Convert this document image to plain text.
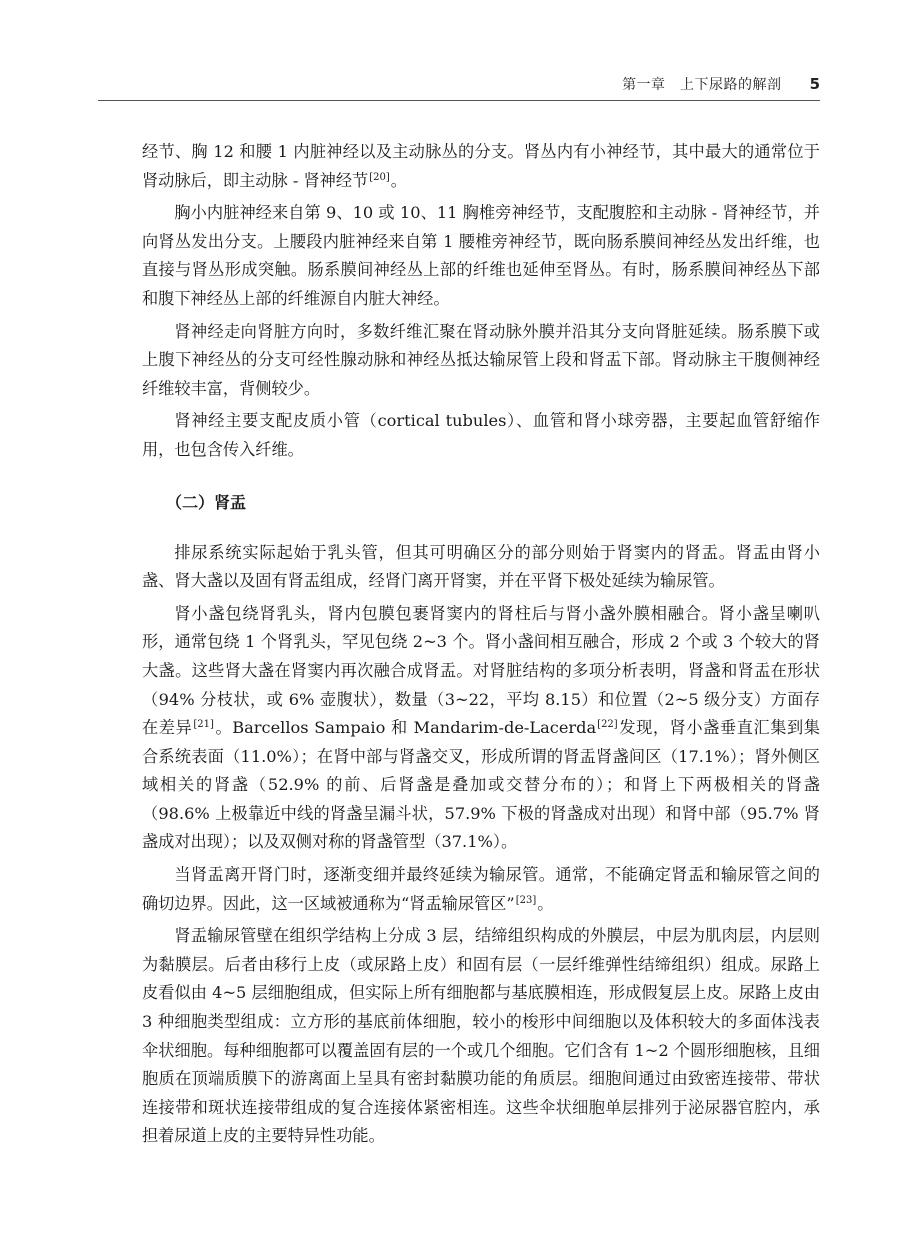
第一章　上下尿路的解剖 5

经节、胸 12 和腰 1 内脏神经以及主动脉丛的分支。肾丛内有小神经节，其中最大的通常位于肾动脉后，即主动脉 - 肾神经节[20]。

胸小内脏神经来自第 9、10 或 10、11 胸椎旁神经节，支配腹腔和主动脉 - 肾神经节，并向肾丛发出分支。上腰段内脏神经来自第 1 腰椎旁神经节，既向肠系膜间神经丛发出纤维，也直接与肾丛形成突触。肠系膜间神经丛上部的纤维也延伸至肾丛。有时，肠系膜间神经丛下部和腹下神经丛上部的纤维源自内脏大神经。

肾神经走向肾脏方向时，多数纤维汇聚在肾动脉外膜并沿其分支向肾脏延续。肠系膜下或上腹下神经丛的分支可经性腺动脉和神经丛抵达输尿管上段和肾盂下部。肾动脉主干腹侧神经纤维较丰富，背侧较少。

肾神经主要支配皮质小管（cortical tubules）、血管和肾小球旁器，主要起血管舒缩作用，也包含传入纤维。

（二）肾盂

排尿系统实际起始于乳头管，但其可明确区分的部分则始于肾窦内的肾盂。肾盂由肾小盏、肾大盏以及固有肾盂组成，经肾门离开肾窦，并在平肾下极处延续为输尿管。

肾小盏包绕肾乳头，肾内包膜包裹肾窦内的肾柱后与肾小盏外膜相融合。肾小盏呈喇叭形，通常包绕 1 个肾乳头，罕见包绕 2~3 个。肾小盏间相互融合，形成 2 个或 3 个较大的肾大盏。这些肾大盏在肾窦内再次融合成肾盂。对肾脏结构的多项分析表明，肾盏和肾盂在形状（94% 分枝状，或 6% 壶腹状），数量（3~22，平均 8.15）和位置（2~5 级分支）方面存在差异[21]。Barcellos Sampaio 和 Mandarim-de-Lacerda[22]发现，肾小盏垂直汇集到集合系统表面（11.0%）；在肾中部与肾盏交叉，形成所谓的肾盂肾盏间区（17.1%）；肾外侧区域相关的肾盏（52.9% 的前、后肾盏是叠加或交替分布的）；和肾上下两极相关的肾盏（98.6% 上极靠近中线的肾盏呈漏斗状，57.9% 下极的肾盏成对出现）和肾中部（95.7% 肾盏成对出现）；以及双侧对称的肾盏管型（37.1%）。

当肾盂离开肾门时，逐渐变细并最终延续为输尿管。通常，不能确定肾盂和输尿管之间的确切边界。因此，这一区域被通称为“肾盂输尿管区”[23]。

肾盂输尿管壁在组织学结构上分成 3 层，结缔组织构成的外膜层，中层为肌肉层，内层则为黏膜层。后者由移行上皮（或尿路上皮）和固有层（一层纤维弹性结缔组织）组成。尿路上皮看似由 4~5 层细胞组成，但实际上所有细胞都与基底膜相连，形成假复层上皮。尿路上皮由 3 种细胞类型组成：立方形的基底前体细胞，较小的梭形中间细胞以及体积较大的多面体浅表伞状细胞。每种细胞都可以覆盖固有层的一个或几个细胞。它们含有 1~2 个圆形细胞核，且细胞质在顶端质膜下的游离面上呈具有密封黏膜功能的角质层。细胞间通过由致密连接带、带状连接带和斑状连接带组成的复合连接体紧密相连。这些伞状细胞单层排列于泌尿器官腔内，承担着尿道上皮的主要特异性功能。
